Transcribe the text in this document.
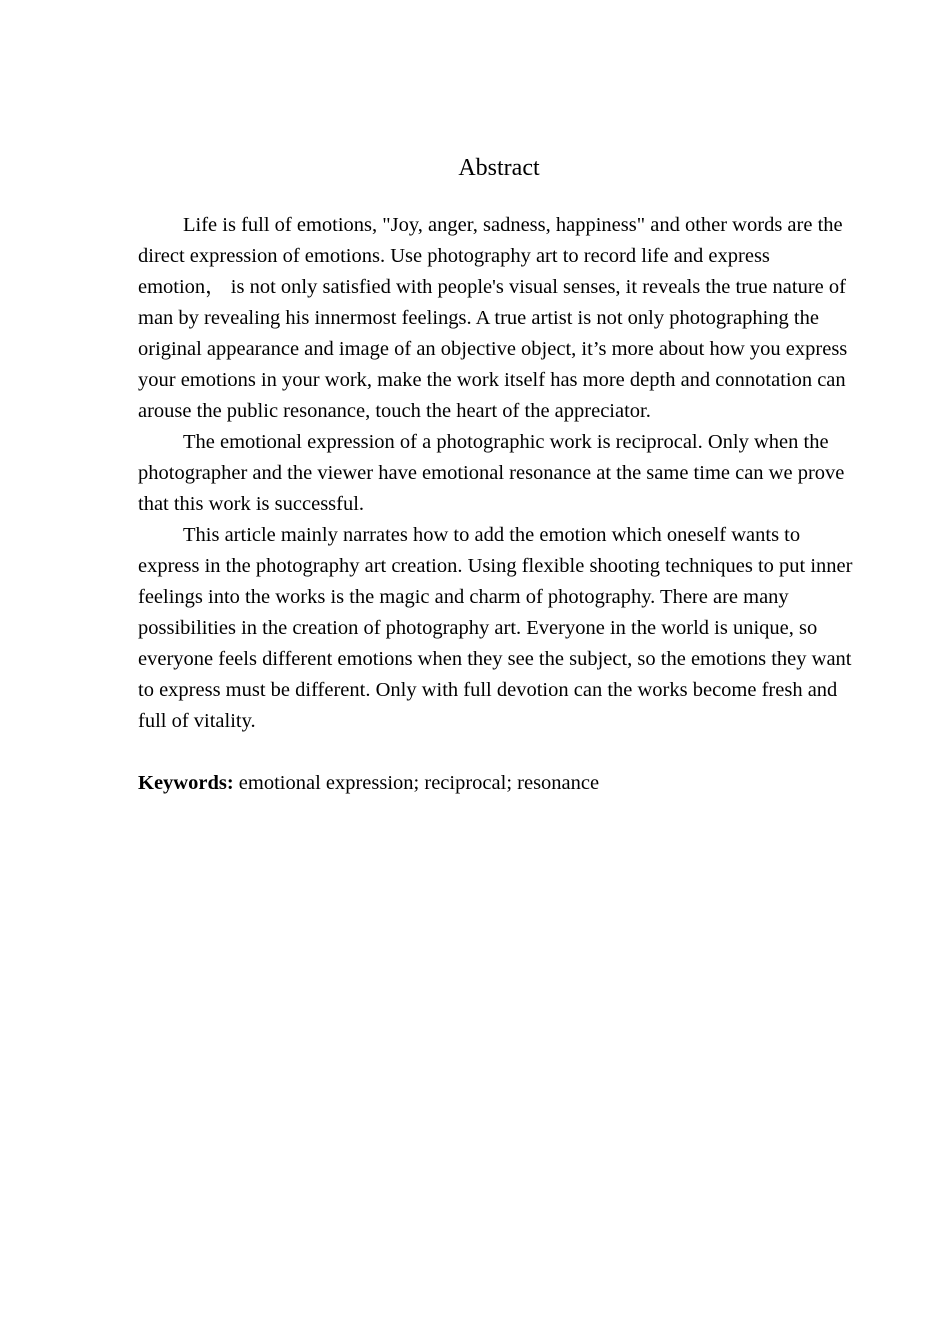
Abstract

Life is full of emotions, "Joy, anger, sadness, happiness" and other words are the direct expression of emotions. Use photography art to record life and express emotion， is not only satisfied with people's visual senses, it reveals the true nature of man by revealing his innermost feelings. A true artist is not only photographing the original appearance and image of an objective object, it’s more about how you express your emotions in your work, make the work itself has more depth and connotation can arouse the public resonance, touch the heart of the appreciator.

The emotional expression of a photographic work is reciprocal. Only when the photographer and the viewer have emotional resonance at the same time can we prove that this work is successful.

This article mainly narrates how to add the emotion which oneself wants to express in the photography art creation. Using flexible shooting techniques to put inner feelings into the works is the magic and charm of photography. There are many possibilities in the creation of photography art. Everyone in the world is unique, so everyone feels different emotions when they see the subject, so the emotions they want to express must be different. Only with full devotion can the works become fresh and full of vitality.

Keywords: emotional expression; reciprocal; resonance
